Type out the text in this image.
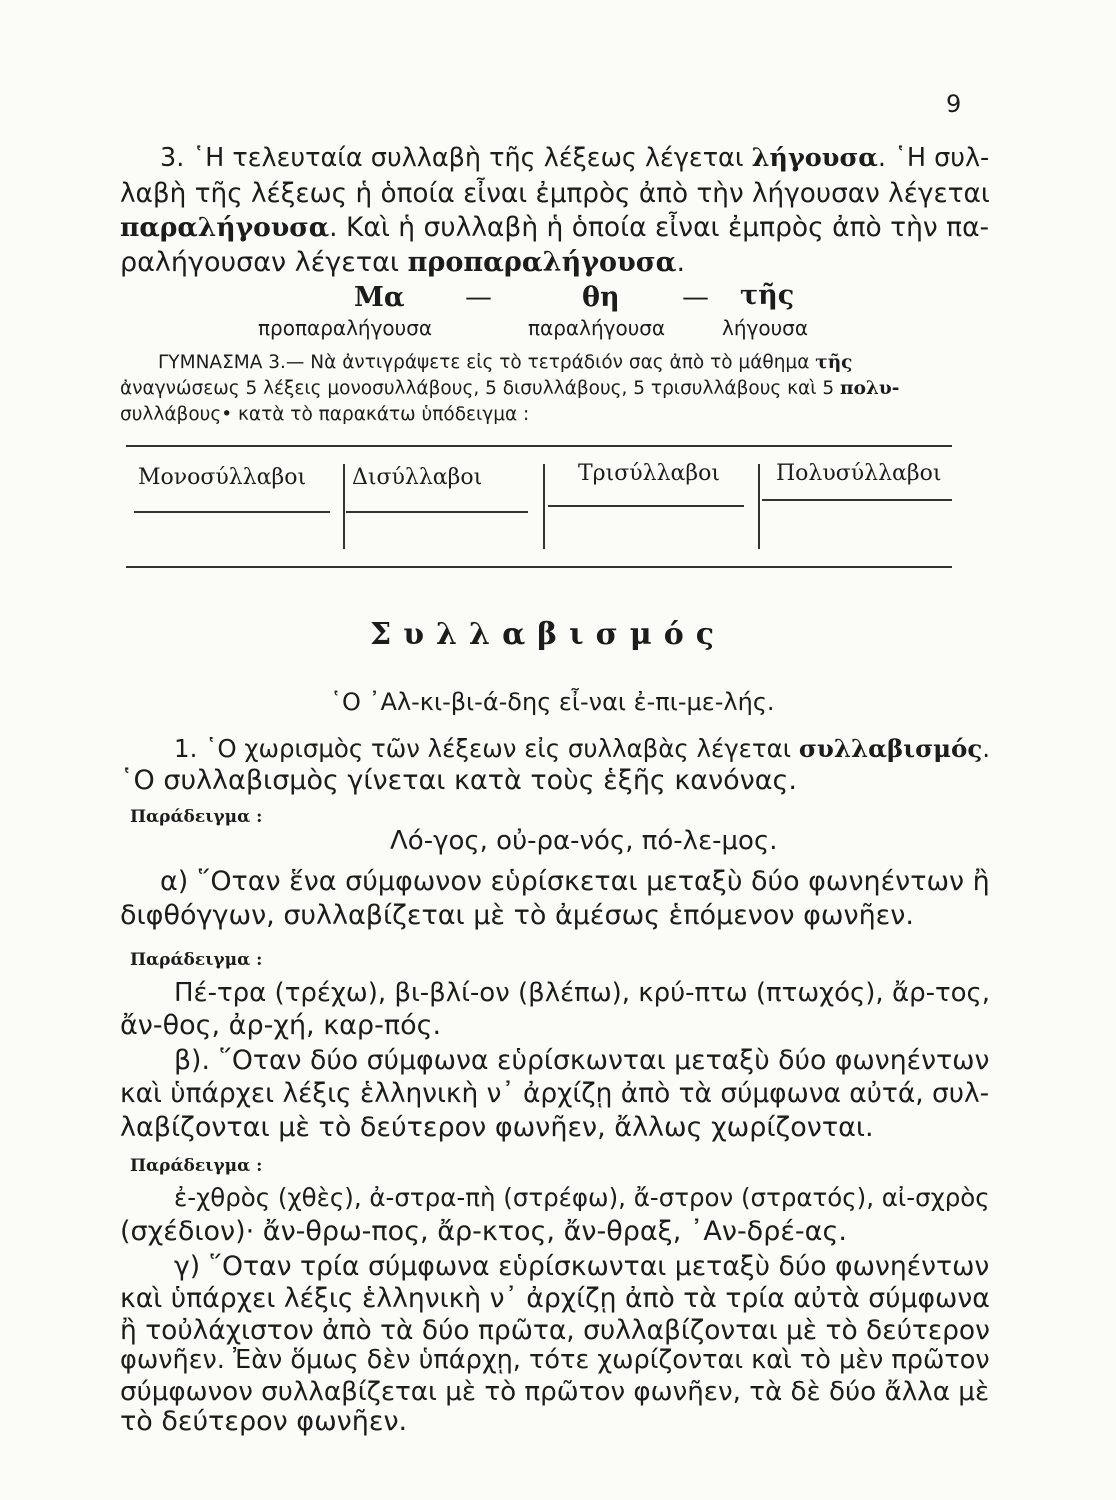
9
3. ῾Η τελευταία συλλαβὴ τῆς λέξεως λέγεται λήγουσα. ῾Η συλ-
λαβὴ τῆς λέξεως ἡ ὁποία εἶναι ἐμπρὸς ἀπὸ τὴν λήγουσαν λέγεται
παραλήγουσα. Καὶ ἡ συλλαβὴ ἡ ὁποία εἶναι ἐμπρὸς ἀπὸ τὴν πα-
ραλήγουσαν λέγεται προπαραλήγουσα.
Μα —	θη — τῆς
προπαραλήγουσα	παραλήγουσα	λήγουσα
ΓΥΜΝΑΣΜΑ 3.— Νὰ ἀντιγράψετε εἰς τὸ τετράδιόν σας ἀπὸ τὸ μάθημα τῆς
ἀναγνώσεως 5 λέξεις μονοσυλλάβους, 5 δισυλλάβους, 5 τρισυλλάβους καὶ 5 πολυ-
συλλάβους• κατὰ τὸ παρακάτω ὑπόδειγμα :
Μονοσύλλαβοι Δισύλλαβοι	Τρισύλλαβοι	Πολυσύλλαβοι
Συλλαβισμός
῾Ο ᾿Αλ-κι-βι-ά-δης εἶ-ναι ἐ-πι-με-λής.
1. ῾Ο χωρισμὸς τῶν λέξεων εἰς συλλαβὰς λέγεται συλλαβισμός.
῾Ο συλλαβισμὸς γίνεται κατὰ τοὺς ἑξῆς κανόνας.
Παράδειγμα :
Λό-γος, οὐ-ρα-νός, πό-λε-μος.
α) ῞Οταν ἕνα σύμφωνον εὑρίσκεται μεταξὺ δύο φωνηέντων ἢ
διφθόγγων, συλλαβίζεται μὲ τὸ ἀμέσως ἑπόμενον φωνῆεν.
Παράδειγμα :
Πέ-τρα (τρέχω), βι-βλί-ον (βλέπω), κρύ-πτω (πτωχός), ἄρ-τος,
ἄν-θος, ἀρ-χή, καρ-πός.
β). ῞Οταν δύο σύμφωνα εὑρίσκωνται μεταξὺ δύο φωνηέντων
καὶ ὑπάρχει λέξις ἑλληνικὴ ν᾿ ἀρχίζῃ ἀπὸ τὰ σύμφωνα αὐτά, συλ-
λαβίζονται μὲ τὸ δεύτερον φωνῆεν, ἄλλως χωρίζονται.
Παράδειγμα :
ἐ-χθρὸς (χθὲς), ἀ-στρα-πὴ (στρέφω), ἄ-στρον (στρατός), αἰ-σχρὸς
(σχέδιον)· ἄν-θρω-πος, ἄρ-κτος, ἄν-θραξ, ᾿Αν-δρέ-ας.
γ) ῞Οταν τρία σύμφωνα εὑρίσκωνται μεταξὺ δύο φωνηέντων
καὶ ὑπάρχει λέξις ἑλληνικὴ ν᾿ ἀρχίζῃ ἀπὸ τὰ τρία αὐτὰ σύμφωνα
ἢ τοὐλάχιστον ἀπὸ τὰ δύο πρῶτα, συλλαβίζονται μὲ τὸ δεύτερον
φωνῆεν. Ἐὰν ὅμως δὲν ὑπάρχῃ, τότε χωρίζονται καὶ τὸ μὲν πρῶτον
σύμφωνον συλλαβίζεται μὲ τὸ πρῶτον φωνῆεν, τὰ δὲ δύο ἄλλα μὲ
τὸ δεύτερον φωνῆεν.
